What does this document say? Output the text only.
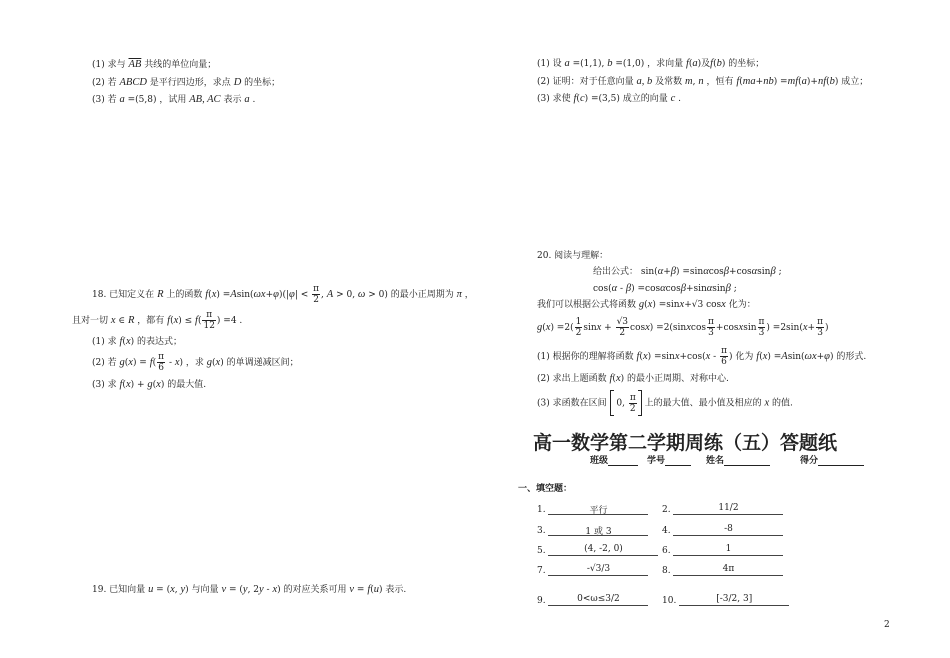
(1) 求与 $\overline{AB}$ 共线的单位向量；
(2) 若 ABCD 是平行四边形，求点 D 的坐标；
(3) 若 a =(5,8) ，试用 AB, AC 表示 a .
18. 已知定义在 R 上的函数 $f(x) =Asin(\omega x+\varphi)(|\varphi| < \frac{\pi}{2}$ , A > 0, ω > 0) 的最小正周期为 π ，
且对一切 x ∈ R ，都有 $f(x) \le f( \frac{\pi}{12}$ ) =4 .
(1) 求 f(x) 的表达式；
(2) 若 $g(x) = f( \frac{\pi}{6} - x)$ ，求 g(x) 的单调递减区间；
(3) 求 f(x) + g(x) 的最大值.
19. 已知向量 u = (x, y) 与向量 v = (y, 2y - x) 的对应关系可用 v = f(u) 表示.
(1) 设 a =(1,1), b =(1,0) ，求向量 f(a)及f(b) 的坐标；
(2) 证明：对于任意向量 a, b 及常数 m, n ，恒有 f(ma+nb) =mf(a)+nf(b) 成立；
(3) 求使 f(c) =(3,5) 成立的向量 c .
20. 阅读与理解：
给出公式： sin(α+β) =sinαcosβ+cosαsinβ ;
cos(α - β) =cosαcosβ+sinαsinβ ;
我们可以根据公式将函数 g(x) =sinx+√3 cosx 化为：
$g(x) =2( \frac{1}{2}$ $\sin x + \frac{√3}{2} \cos x$) =2(sinxcos $\frac{\pi}{3}$ +cosxsin $\frac{\pi}{3}$ ) $=2\sin(x+ \frac{\pi}{3}$ )
(1) 根据你的理解将函数 $f(x) =\sin x+\cos(x - \frac{\pi}{6}$ ) 化为 f(x) =Asin(ωx+φ) 的形式.
(2) 求出上题函数 f(x) 的最小正周期、对称中心.
(3) 求函数在区间  0, $\frac{\pi}{2}$ 上的最大值、最小值及相应的 x 的值.
高一数学第二学期周练（五）答题纸
班级	学号	姓名	得分
一、填空题：
1.	平行	2.	11/2
3.	1 或 3	4.	-8
5.	(4, -2, 0)	6.	1
7.	-√3/3	8.	4π
9.	0<ω≤3/2	10.	[-3/2, 3]
2
